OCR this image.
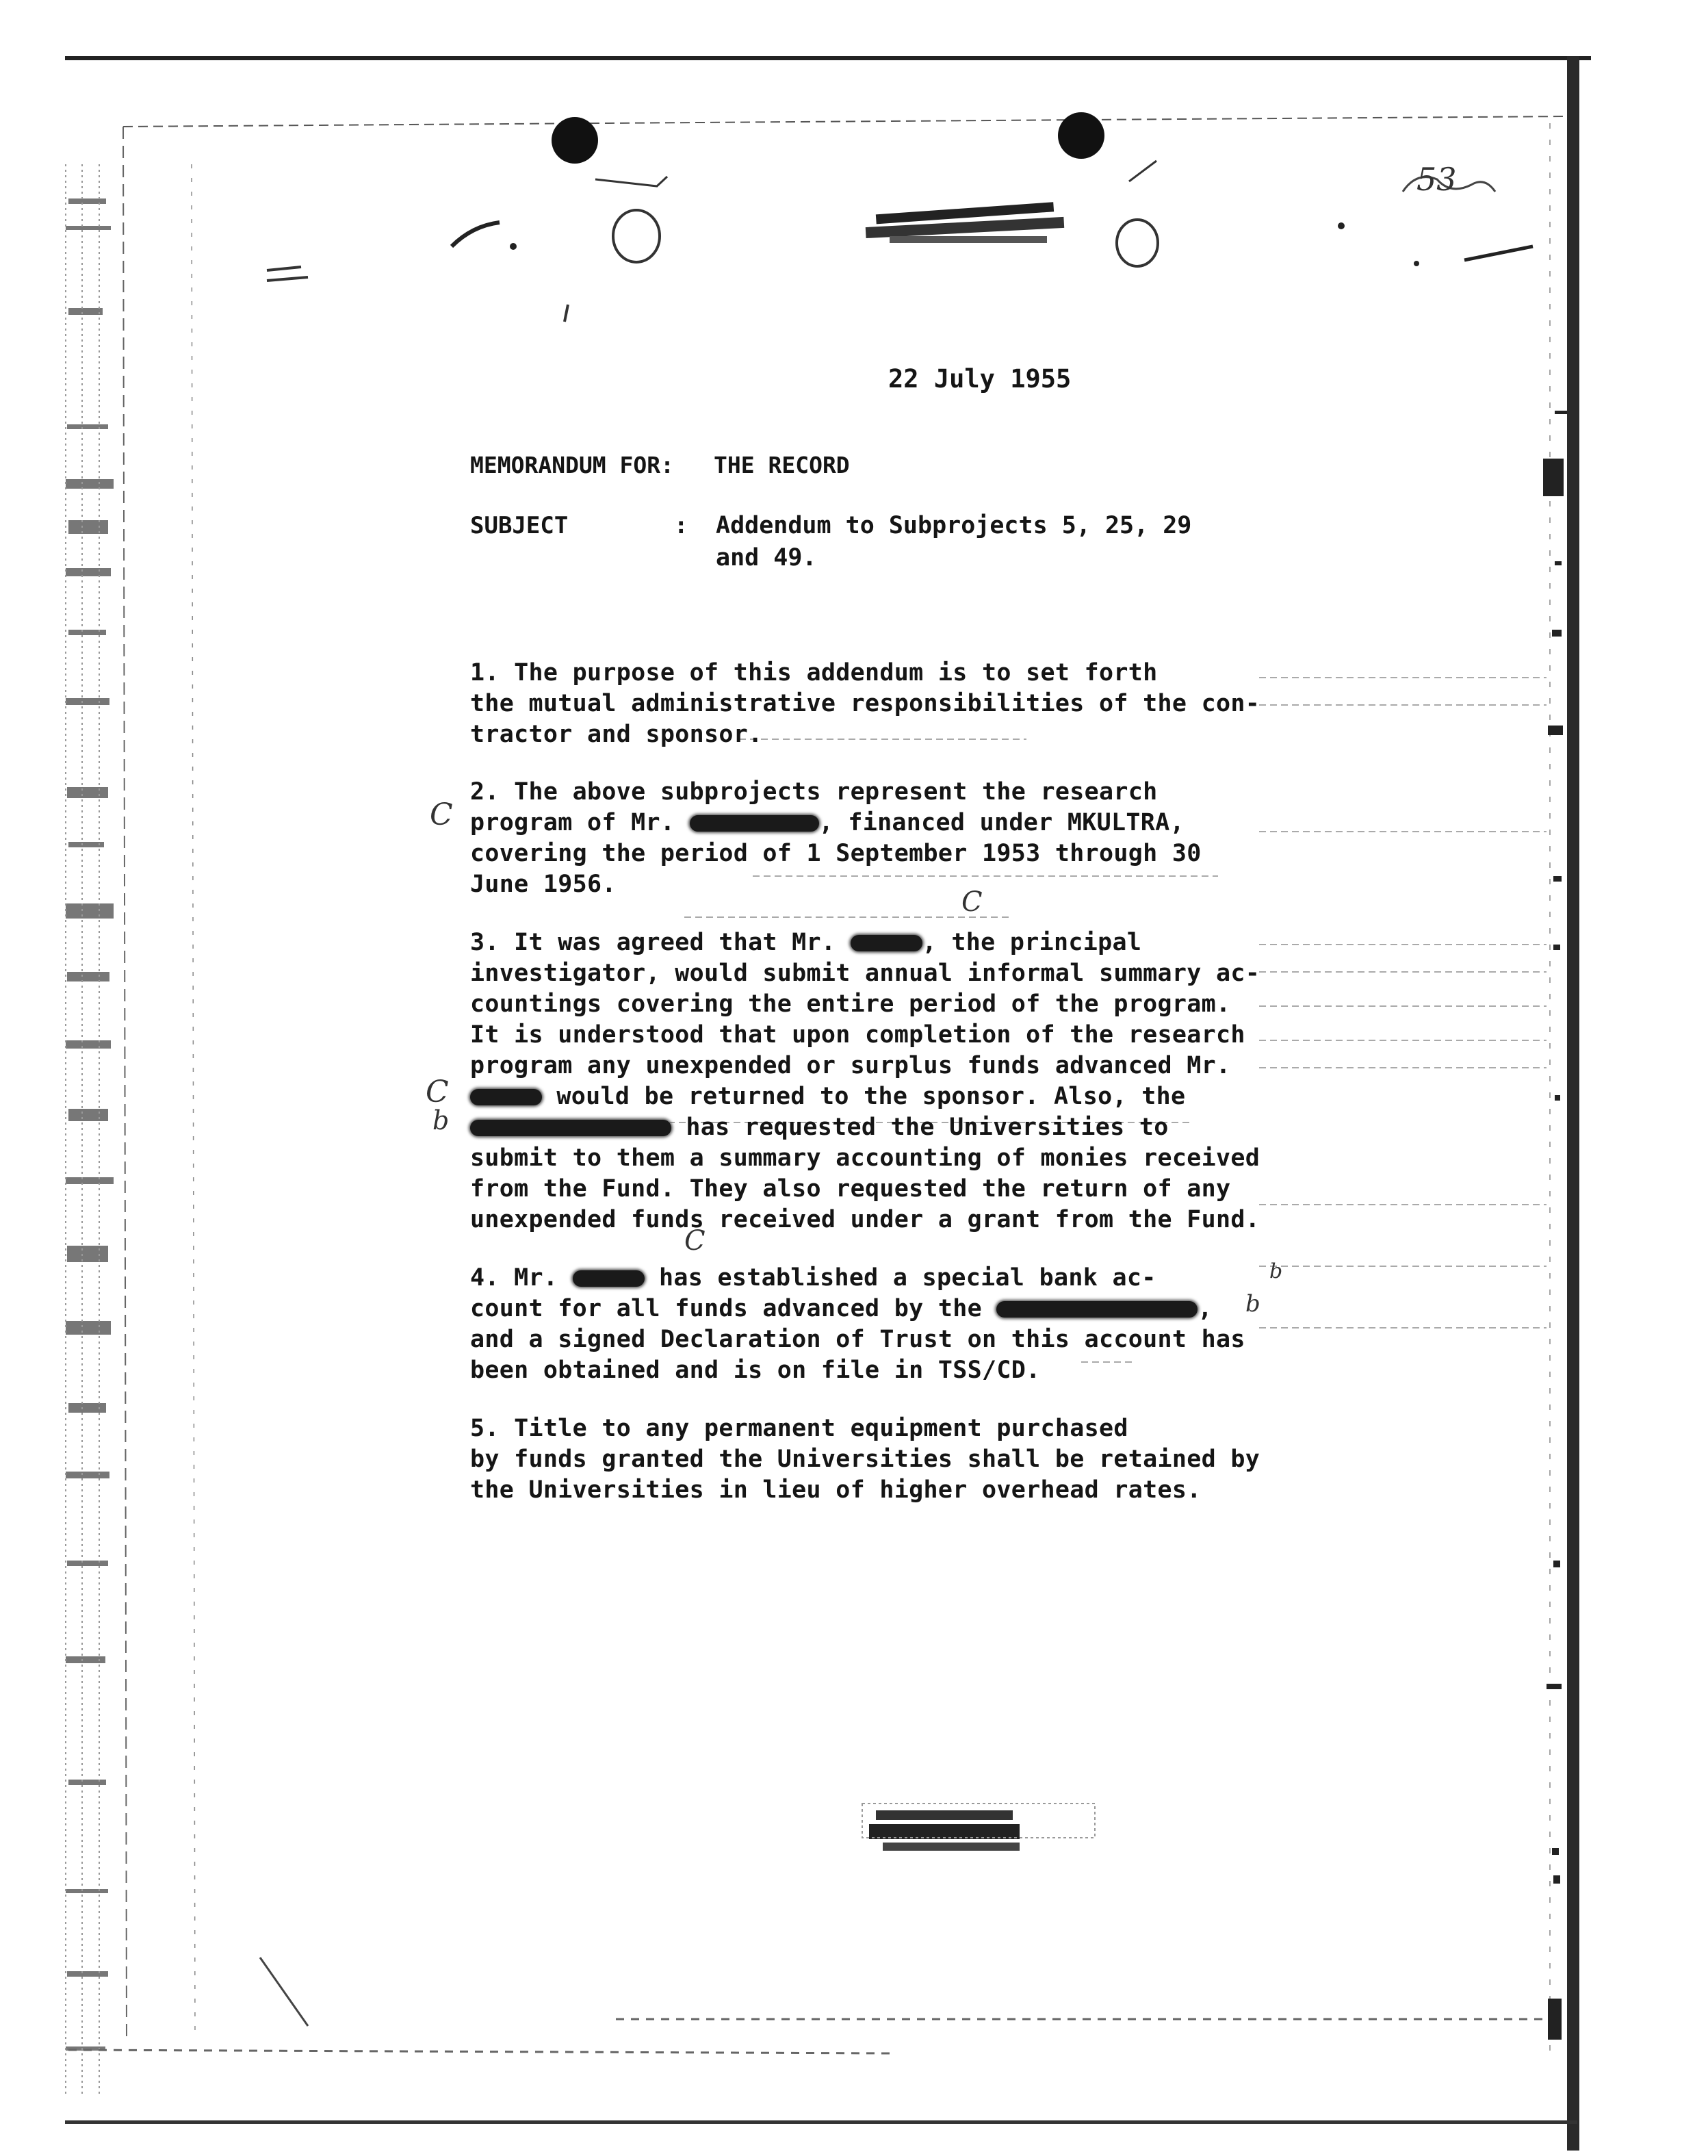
22 July 1955
MEMORANDUM FOR: THE RECORD
SUBJECT	: Addendum to Subprojects 5, 25, 29
and 49.
1. The purpose of this addendum is to set forth
the mutual administrative responsibilities of the con-
tractor and sponsor.
2. The above subprojects represent the research
program of Mr.	, financed under MKULTRA,
covering the period of 1 September 1953 through 30
June 1956.
3. It was agreed that Mr.	, the principal
investigator, would submit annual informal summary ac-
countings covering the entire period of the program.
It is understood that upon completion of the research
program any unexpended or surplus funds advanced Mr.
would be returned to the sponsor. Also, the
has requested the Universities to
submit to them a summary accounting of monies received
from the Fund. They also requested the return of any
unexpended funds received under a grant from the Fund.
4. Mr.	has established a special bank ac-
count for all funds advanced by the	,
and a signed Declaration of Trust on this account has
been obtained and is on file in TSS/CD.
5. Title to any permanent equipment purchased
by funds granted the Universities shall be retained by
the Universities in lieu of higher overhead rates.
53
C
C
C
b
C
b
b
